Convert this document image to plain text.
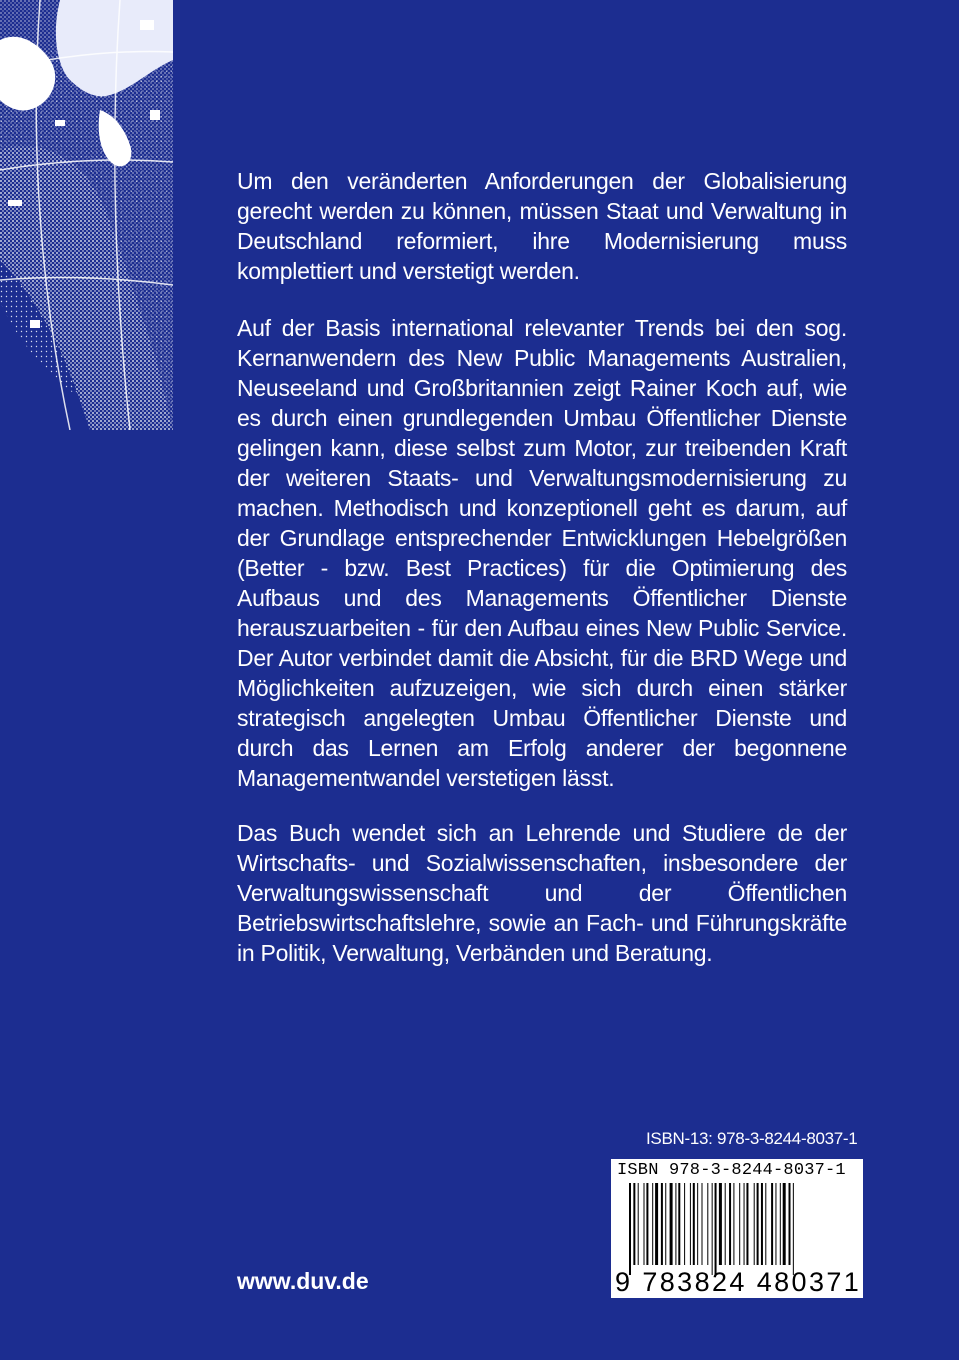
Um den veränderten Anforderungen der Globalisierung gerecht werden zu können, müssen Staat und Verwaltung in Deutschland reformiert, ihre Modernisierung muss komplettiert und verstetigt werden.

Auf der Basis international relevanter Trends bei den sog. Kernanwendern des New Public Managements Australien, Neuseeland und Großbritannien zeigt Rainer Koch auf, wie es durch einen grundlegenden Umbau Öffentlicher Dienste gelingen kann, diese selbst zum Motor, zur treibenden Kraft der weiteren Staats- und Verwaltungsmodernisierung zu machen. Methodisch und konzeptionell geht es darum, auf der Grundlage entsprechender Entwicklungen Hebelgrößen (Better - bzw. Best Practices) für die Optimierung des Aufbaus und des Managements Öffentlicher Dienste herauszuarbeiten - für den Aufbau eines New Public Service. Der Autor verbindet damit die Absicht, für die BRD Wege und Möglichkeiten aufzuzeigen, wie sich durch einen stärker strategisch angelegten Umbau Öffentlicher Dienste und durch das Lernen am Erfolg anderer der begonnene Managementwandel verstetigen lässt.

Das Buch wendet sich an Lehrende und Studiere de der Wirtschafts- und Sozialwissenschaften, insbesondere der Verwaltungswissenschaft und der Öffentlichen Betriebswirtschaftslehre, sowie an Fach- und Führungskräfte in Politik, Verwaltung, Verbänden und Beratung.

ISBN-13: 978-3-8244-8037-1
ISBN 978-3-8244-8037-1
9 783824 480371
www.duv.de
